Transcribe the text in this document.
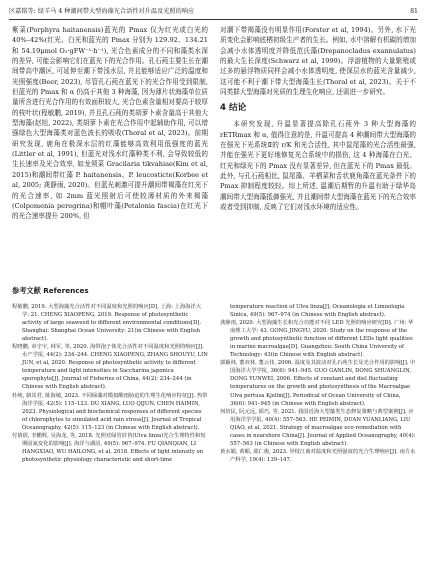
区嘉铭等: 绿羊马 4 种潮间带大型海藻光合活性对升温及光照的响应	81

紫菜(Porphyra haitanensis)蓝光的 Pmax 仅为红光或白光的 40%–42%(红光、白光和蓝光的 Pmax 分别为 129.92、134.21 和 54.19μmol O₂·gFW⁻¹·h⁻¹), 光合色素成分的不同和藻类水深的差异, 可能会影响它们在蓝光下的光合作用。孔石莼主要生长在潮间带高中潮区, 可延伸至潮下带浅水层, 并且能够适应广泛的温度和光照强度(Beer, 2023), 尽管孔石莼在蓝光下的光合作用受到限制, 但蓝光的 Pmax 和 α 仍高于其他 3 种海藻, 因为薄片状海藻单位质量所含进行光合作用的有效面积较大, 光合色素含量相对要高于较厚的枝叶状(程敏鹏, 2019), 并且孔石莼的类胡萝卜素含量高于其他大型海藻(赵旭, 2022), 类胡萝卜素在光合作用中起辅助作用, 可以增强绿色大型海藻类对蓝色波长的吸收(Thoral et al, 2023)。前期研究发现, 鹿角在极深水层的红藻能够高效利用低强度的蓝光(Littler et al, 1991), 但蓝光对浅水红藻种类不利, 会导致较低的生长速率及光合效率, 如龙须菜 Gracilaria tikvahiae(Kim et al, 2015)和潮间带红藻 P. haitanensis、P. leucosticte(Korbee et al, 2005; 龚静雨, 2020)。但蓝光刺激可提升潮间带褐藻在红光下的光合速率, 如 2mm 蓝光照射后可使较薄材质的外来褐藻(Colpomenia peregrina)和帽叶藻(Petalonia fascia)在红光下的光合速率提升 200%, 但

对潮下带褐藻没有明显作用(Forster et al, 1994)。另外, 水下光质变化会影响底栖初级生产者的生长。例如, 水中溶解有机碳的增加会减小水体透明度并降低范氏藻(Drepanocladus exannulatus)的最大生长深度(Schwarz et al, 1999)。浮游植物的大量繁殖或过多的悬浮物质同样会减小水体透明度, 使深层水的蓝光含量减少, 这可能不利于潮下带大型海藻生长(Thoral et al, 2023)。关于不同类群大型海藻对光质的生理生化响应, 还需进一步研究。

4 结论

本研究发现, 升温显著提高除孔石莼外 3 种大型海藻的 rETRmax 和 α, 值得注意的是, 升温可提高 4 种潮间带大型海藻的在强光下光系统Ⅱ的 r/K 和光合活性, 其中鼠尾藻的光合活性最强, 并能在强光下更好地修复光合系统中的损伤, 这 4 种海藻在白光、红光和绿光下的 Pmax 没有显著差异, 但在蓝光下的 Pmax 最低。此外, 与孔石莼相比, 鼠尾藻、羊栖菜和舌状鹿角藻在蓝光条件下的 Pmax 抑制程度较轻。综上所述, 温潮后期暂的升温有助于绿华岛潮间带大型海藻抵御强光, 并且潮间带大型海藻在蓝光下的光合效率或者受到抑制, 反映了它们对浅水环境的适应性。

参考文献 References

程敏鹏, 2019. 大型海藻光合活性对不同温度和光照的响应[D]. 上海: 上海海洋大学: 21. CHENG XIAOPENG, 2019. Response of photosynthetic activity of large seaweed to different environmental conditions[D]. Shanghai: Shanghai Ocean University: 21(in Chinese with English abstract).

程晓鹏, 章守宇, 林军, 等, 2020. 海带孢子体光合活性对不同温度和光照的响应[J]. 水产学报, 44(2): 234–244. CHENG XIAOPENG, ZHANG SHOUYU, LIN JUN, et al, 2020. Response of photosynthetic activity to different temperature and light intensities in Saccharina japonica sporophyte[J]. Journal of Fisheries of China, 44(2): 234–244 (in Chinese with English abstract).

杜纯, 骆其君, 陈海敏, 2023. 不同绿藻对模拟酸雨胁迫的生理生化响应特征[J]. 热带海洋学报, 42(5): 115–123. DU XIANG, LUO QIJUN, CHEN HAIMIN, 2023. Physiological and biochemical responses of different species of chlorophytes to simulated acid rain stress[J]. Journal of Tropical Oceanography, 42(5): 115–123 (in Chinese with English abstract).

付倩倩, 李鹏辉, 吴海龙, 等, 2018. 光照对绿管浒苔(Ulva linza)光合生理特性和短期固氮变化的影响[J]. 海洋与湖沼, 49(5): 967–974. FU QIANQIAN, LI HANGXIAO, WU HAILONG, et al, 2018. Effects of light intensity on photosynthetic physiology characteristic and short-time

temperature reaction of Ulva linza[J]. Oceanologia et Limnologia Sinica, 49(5): 967–974 (in Chinese with English abstract).

龚静雨, 2020. 大型海藻生长和光合功能对不同 LED 光照的响应研究[D]. 广州: 华南理工大学: 43. GONG JINGYU, 2020. Study on the response of the growth and photosynthetic function of different LEDs light qualities in marine macroalgae[D]. Guangzhou: South China University of Technology: 43(in Chinese with English abstract).

郭颖林, 董双林, 董云伟, 2006. 温度及其波动对孔石莼生长及光合作用的影响[J]. 中国海洋大学学报, 36(6): 941–945. GUO GANLIN, DONG SHUANGLIN, DONG YUNWEI, 2006. Effects of constant and diel fluctuating temperatures on the growth and photosynthesis of the Macroalgae Ulva pertusa Kjellm[J]. Periodical of Ocean University of China, 36(6): 941–945 (in Chinese with English abstract).

何培民, 阮元远, 邱巧, 等, 2021. 我国近海大型藻类生态修复策略与典型案例[J]. 应用海洋学学报, 40(4): 557–563. HE PEIMIN, DUAN YUANLIANG, LIU QIAO, et al, 2021. Strategy of macroalgae eco-remediation with cases in nearshore China[J]. Journal of Applied Oceanography, 40(4): 557–563 (in Chinese with English abstract).

黄水媚, 黄媚, 邱仁俊, 2023. 异枝江蓠对温度和光照强度的光合生理响应[J]. 南方水产科学, 19(4): 139–147.
